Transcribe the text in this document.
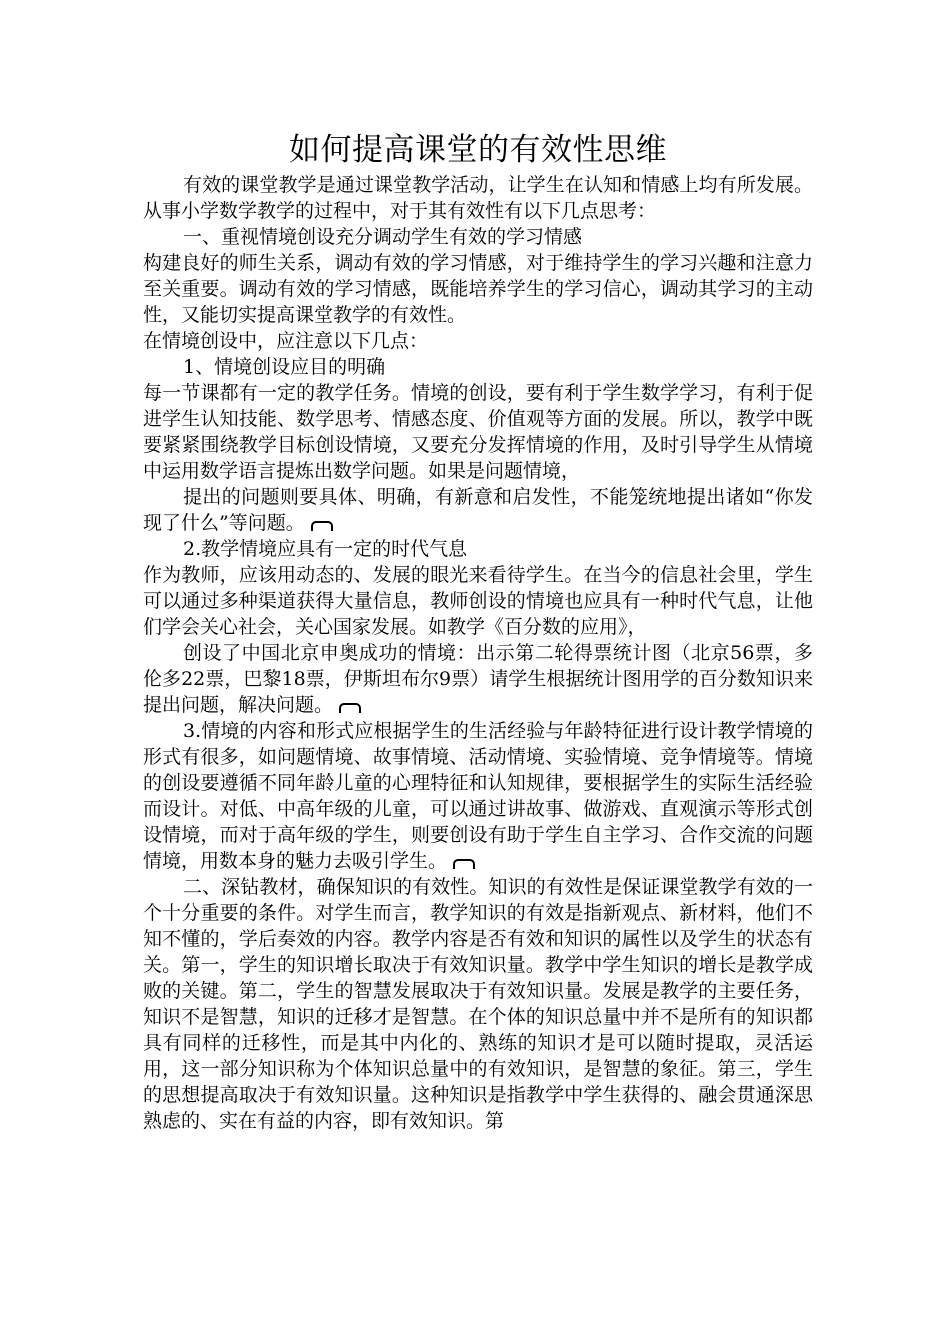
如何提高课堂的有效性思维

有效的课堂教学是通过课堂教学活动，让学生在认知和情感上均有所发展。从事小学数学教学的过程中，对于其有效性有以下几点思考：

一、重视情境创设充分调动学生有效的学习情感

构建良好的师生关系，调动有效的学习情感，对于维持学生的学习兴趣和注意力至关重要。调动有效的学习情感，既能培养学生的学习信心，调动其学习的主动性，又能切实提高课堂教学的有效性。

在情境创设中，应注意以下几点：

1、情境创设应目的明确

每一节课都有一定的教学任务。情境的创设，要有利于学生数学学习，有利于促进学生认知技能、数学思考、情感态度、价值观等方面的发展。所以，教学中既要紧紧围绕教学目标创设情境，又要充分发挥情境的作用，及时引导学生从情境中运用数学语言提炼出数学问题。如果是问题情境，

提出的问题则要具体、明确，有新意和启发性，不能笼统地提出诸如“你发现了什么”等问题。

2.教学情境应具有一定的时代气息

作为教师，应该用动态的、发展的眼光来看待学生。在当今的信息社会里，学生可以通过多种渠道获得大量信息，教师创设的情境也应具有一种时代气息，让他们学会关心社会，关心国家发展。如教学《百分数的应用》，

创设了中国北京申奥成功的情境：出示第二轮得票统计图（北京56票，多伦多22票，巴黎18票，伊斯坦布尔9票）请学生根据统计图用学的百分数知识来提出问题，解决问题。

3.情境的内容和形式应根据学生的生活经验与年龄特征进行设计教学情境的形式有很多，如问题情境、故事情境、活动情境、实验情境、竞争情境等。情境的创设要遵循不同年龄儿童的心理特征和认知规律，要根据学生的实际生活经验而设计。对低、中高年级的儿童，可以通过讲故事、做游戏、直观演示等形式创设情境，而对于高年级的学生，则要创设有助于学生自主学习、合作交流的问题情境，用数本身的魅力去吸引学生。

二、深钻教材，确保知识的有效性。知识的有效性是保证课堂教学有效的一个十分重要的条件。对学生而言，教学知识的有效是指新观点、新材料，他们不知不懂的，学后奏效的内容。教学内容是否有效和知识的属性以及学生的状态有关。第一，学生的知识增长取决于有效知识量。教学中学生知识的增长是教学成败的关键。第二，学生的智慧发展取决于有效知识量。发展是教学的主要任务，知识不是智慧，知识的迁移才是智慧。在个体的知识总量中并不是所有的知识都具有同样的迁移性，而是其中内化的、熟练的知识才是可以随时提取，灵活运用，这一部分知识称为个体知识总量中的有效知识，是智慧的象征。第三，学生的思想提高取决于有效知识量。这种知识是指教学中学生获得的、融会贯通深思熟虑的、实在有益的内容，即有效知识。第
